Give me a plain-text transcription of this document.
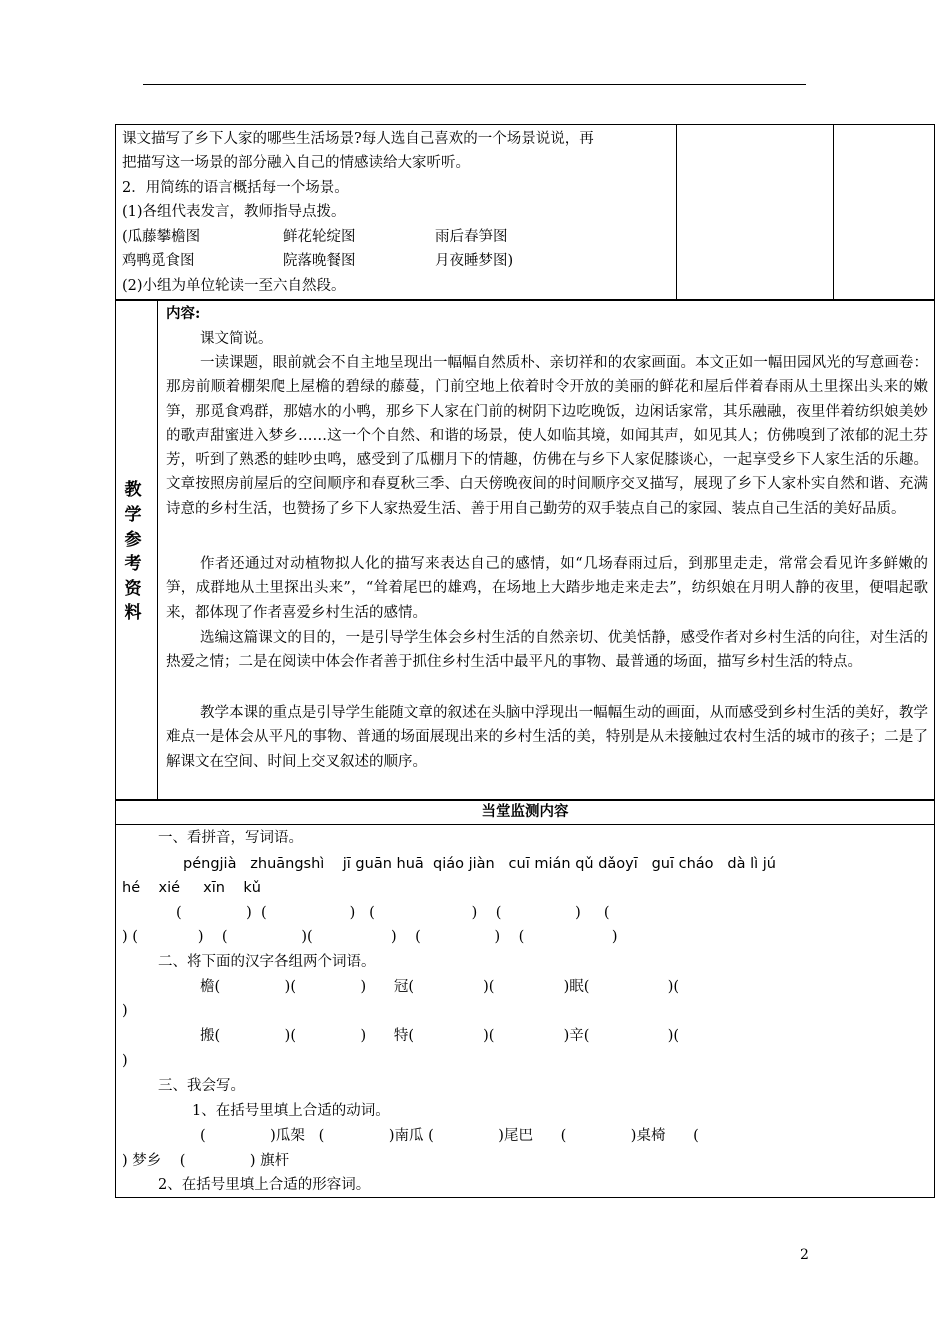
课文描写了乡下人家的哪些生活场景?每人选自己喜欢的一个场景说说，再
把描写这一场景的部分融入自己的情感读给大家听听。
2．用简练的语言概括每一个场景。
(1)各组代表发言，教师指导点拨。
(瓜藤攀檐图	鲜花轮绽图	雨后春笋图
鸡鸭觅食图	院落晚餐图	月夜睡梦图)
(2)小组为单位轮读一至六自然段。
教
学
参
考
资
料
内容:
课文简说。
一读课题，眼前就会不自主地呈现出一幅幅自然质朴、亲切祥和的农家画面。本文正如一幅田园风光的写意画卷：那房前顺着棚架爬上屋檐的碧绿的藤蔓，门前空地上依着时令开放的美丽的鲜花和屋后伴着春雨从土里探出头来的嫩笋，那觅食鸡群，那嬉水的小鸭，那乡下人家在门前的树阴下边吃晚饭，边闲话家常，其乐融融，夜里伴着纺织娘美妙的歌声甜蜜进入梦乡……这一个个自然、和谐的场景，使人如临其境，如闻其声，如见其人；仿佛嗅到了浓郁的泥土芬芳，听到了熟悉的蛙吵虫鸣，感受到了瓜棚月下的情趣，仿佛在与乡下人家促膝谈心，一起享受乡下人家生活的乐趣。文章按照房前屋后的空间顺序和春夏秋三季、白天傍晚夜间的时间顺序交叉描写，展现了乡下人家朴实自然和谐、充满诗意的乡村生活，也赞扬了乡下人家热爱生活、善于用自己勤劳的双手装点自己的家园、装点自己生活的美好品质。
作者还通过对动植物拟人化的描写来表达自己的感情，如“几场春雨过后，到那里走走，常常会看见许多鲜嫩的笋，成群地从土里探出头来”，“耸着尾巴的雄鸡，在场地上大踏步地走来走去”，纺织娘在月明人静的夜里，便唱起歌来，都体现了作者喜爱乡村生活的感情。
选编这篇课文的目的，一是引导学生体会乡村生活的自然亲切、优美恬静，感受作者对乡村生活的向往，对生活的热爱之情；二是在阅读中体会作者善于抓住乡村生活中最平凡的事物、最普通的场面，描写乡村生活的特点。
教学本课的重点是引导学生能随文章的叙述在头脑中浮现出一幅幅生动的画面，从而感受到乡村生活的美好，教学难点一是体会从平凡的事物、普通的场面展现出来的乡村生活的美，特别是从未接触过农村生活的城市的孩子；二是了解课文在空间、时间上交叉叙述的顺序。
当堂监测内容
一、看拼音，写词语。
péngjià   zhuāngshì    jī guān huā  qiáo jiàn   cuī mián qǔ dǎoyī   guī cháo   dà lì jú
hé    xié     xīn    kǔ
(              )  (                  )   (                     )    (                )     (
) (             )    (                )(                 )    (                )    (                   )
二、将下面的汉字各组两个词语。
檐(              )(              )      冠(               )(               )眠(                 )(
)
搬(              )(              )      特(               )(               )辛(                 )(
)
三、我会写。
1、在括号里填上合适的动词。
(              )瓜架   (              )南瓜 (              )尾巴      (              )桌椅      (
) 梦乡    (              ) 旗杆
2、在括号里填上合适的形容词。
2
